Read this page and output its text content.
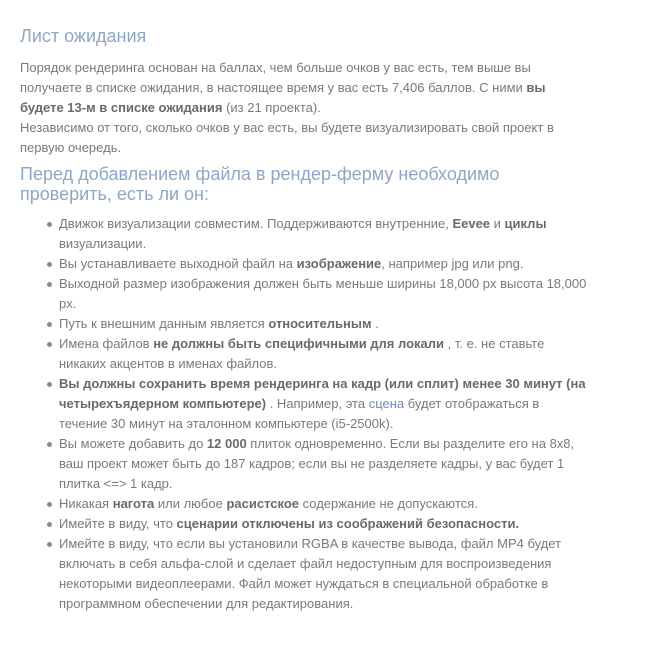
Лист ожидания

Порядок рендеринга основан на баллах, чем больше очков у вас есть, тем выше вы получаете в списке ожидания, в настоящее время у вас есть 7,406 баллов. С ними вы будете 13-м в списке ожидания (из 21 проекта).

Независимо от того, сколько очков у вас есть, вы будете визуализировать свой проект в первую очередь.

Перед добавлением файла в рендер-ферму необходимо проверить, есть ли он:
Движок визуализации совместим. Поддерживаются внутренние, Eevee и циклы визуализации.
Вы устанавливаете выходной файл на изображение, например jpg или png.
Выходной размер изображения должен быть меньше ширины 18,000 px высота 18,000 px.
Путь к внешним данным является относительным .
Имена файлов не должны быть специфичными для локали , т. е. не ставьте никаких акцентов в именах файлов.
Вы должны сохранить время рендеринга на кадр (или сплит) менее 30 минут (на четырехъядерном компьютере) . Например, эта сцена будет отображаться в течение 30 минут на эталонном компьютере (i5-2500k).
Вы можете добавить до 12 000 плиток одновременно. Если вы разделите его на 8x8, ваш проект может быть до 187 кадров; если вы не разделяете кадры, у вас будет 1 плитка <=> 1 кадр.
Никакая нагота или любое расистское содержание не допускаются.
Имейте в виду, что сценарии отключены из соображений безопасности.
Имейте в виду, что если вы установили RGBA в качестве вывода, файл MP4 будет включать в себя альфа-слой и сделает файл недоступным для воспроизведения некоторыми видеоплеерами. Файл может нуждаться в специальной обработке в программном обеспечении для редактирования.
